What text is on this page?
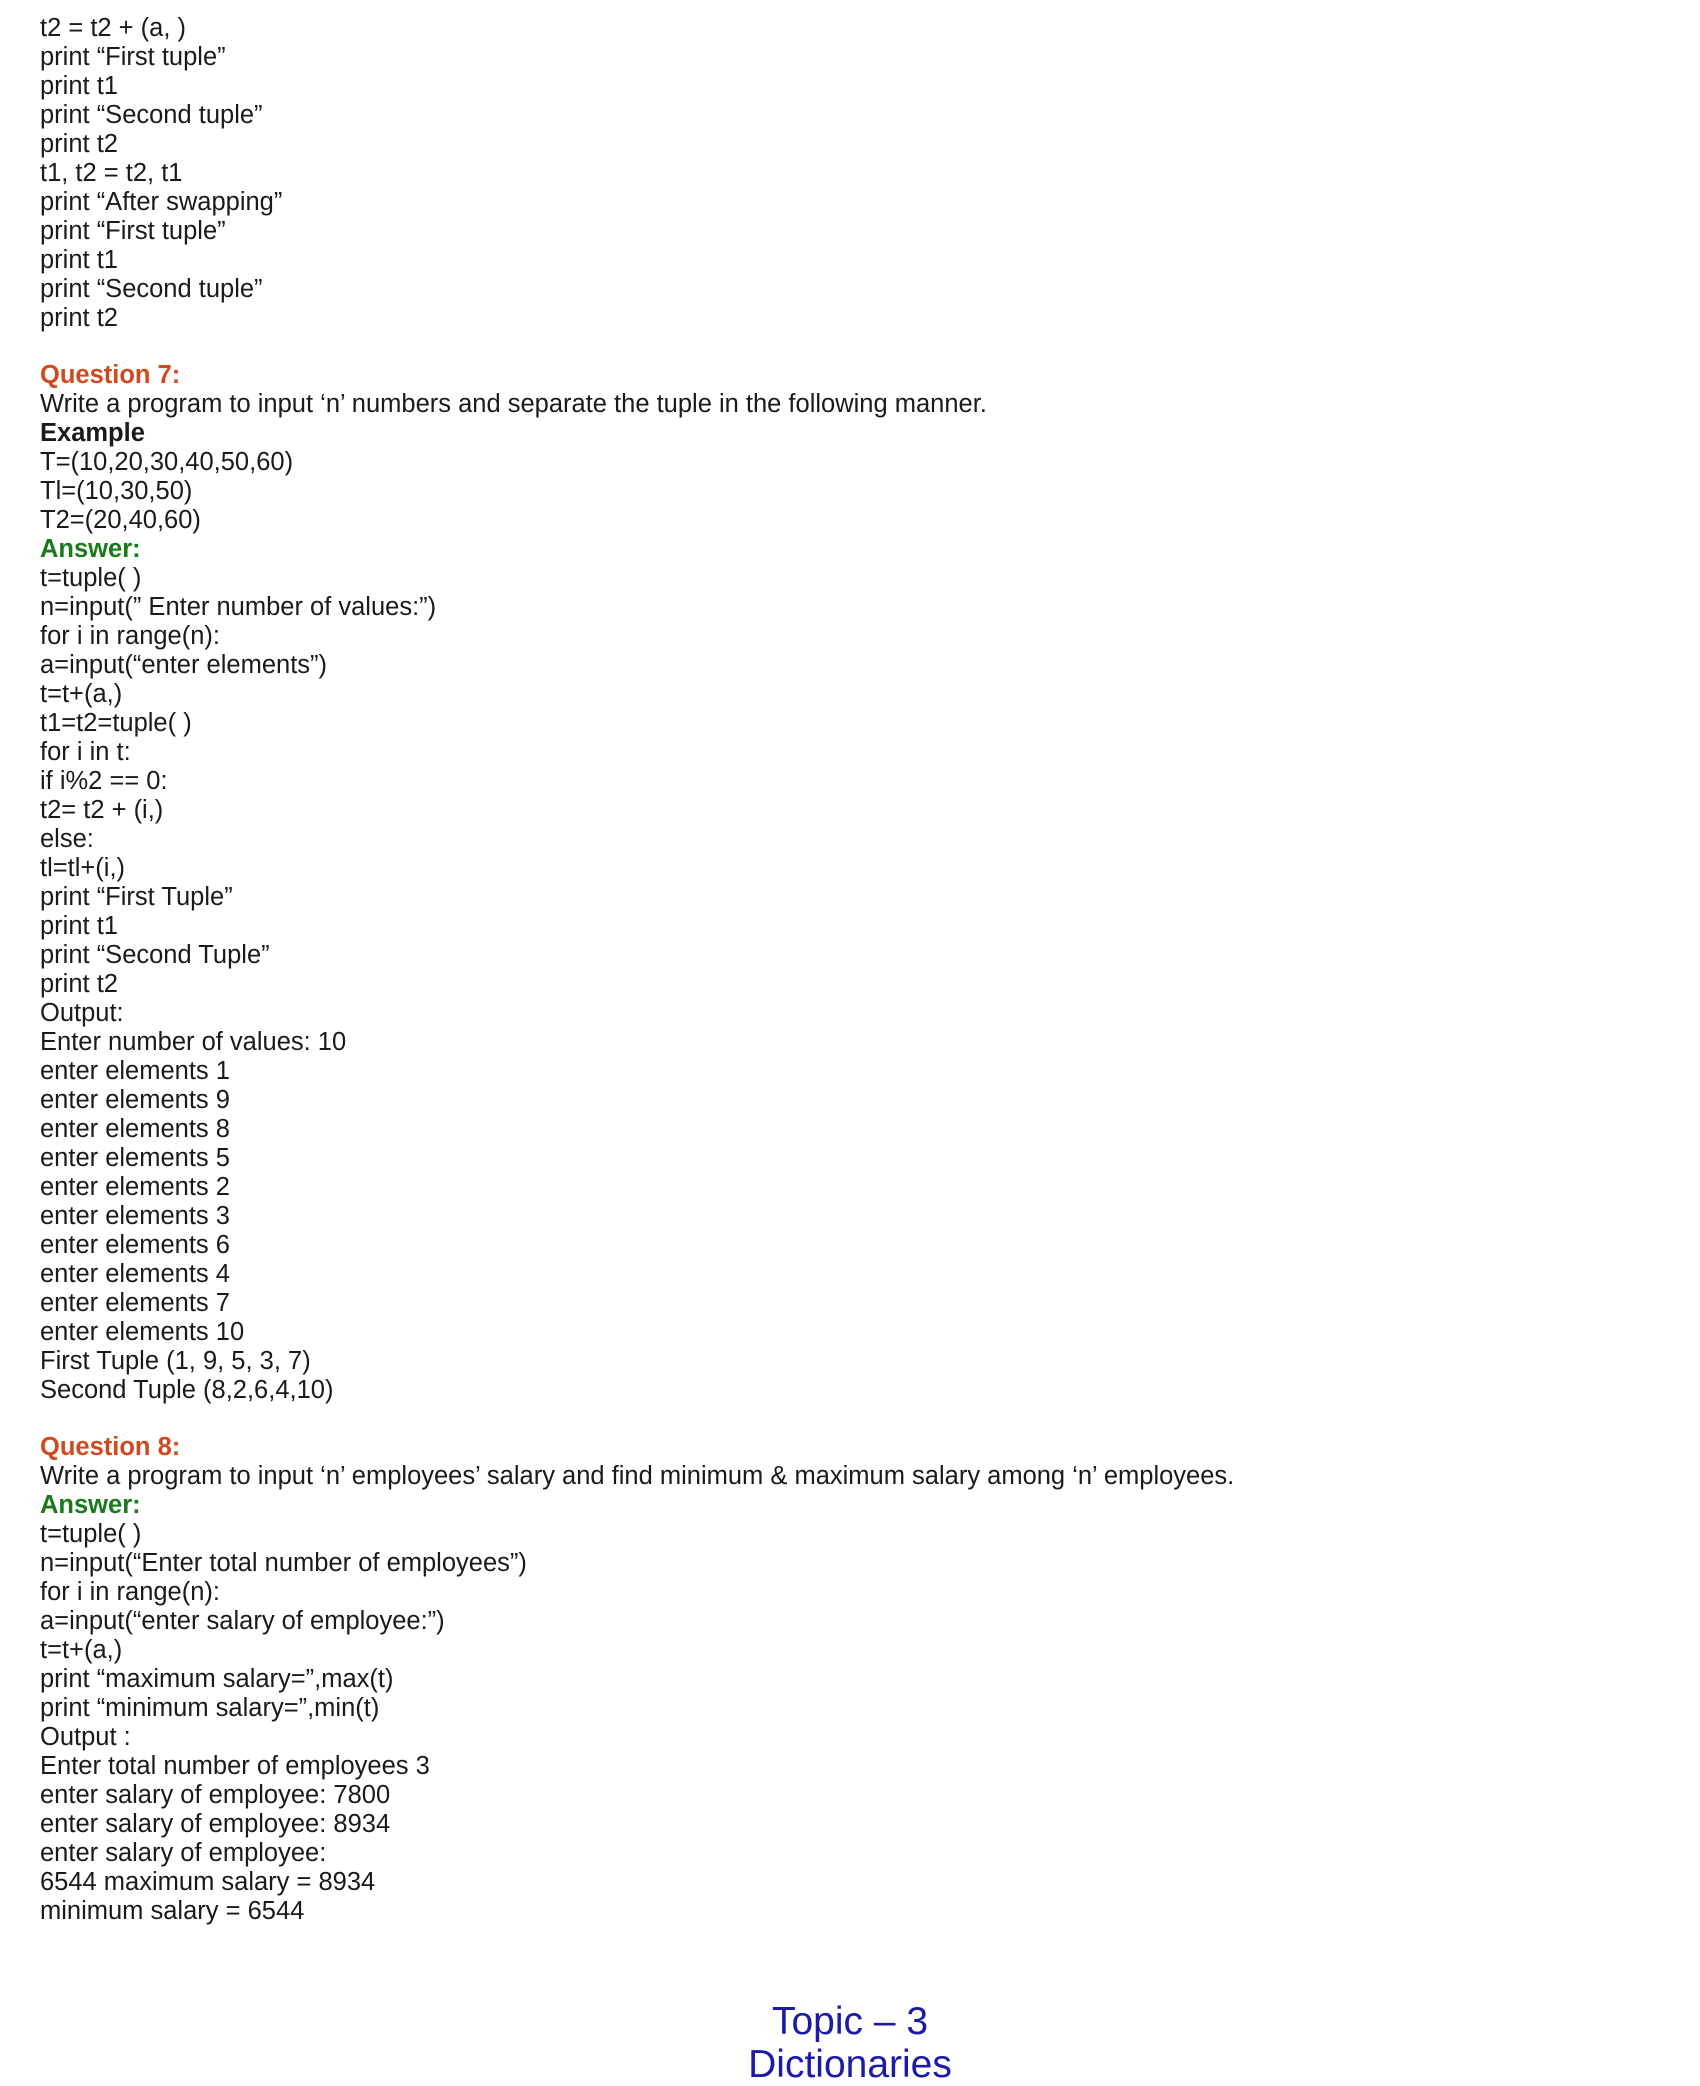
t2 = t2 + (a, )

print “First tuple”

print t1

print “Second tuple”

print t2

t1, t2 = t2, t1

print “After swapping”

print “First tuple”

print t1

print “Second tuple”

print t2

Question 7:

Write a program to input ‘n’ numbers and separate the tuple in the following manner.

Example

T=(10,20,30,40,50,60)

Tl=(10,30,50)

T2=(20,40,60)

Answer:

t=tuple( )

n=input(” Enter number of values:”)

for i in range(n):

a=input(“enter elements”)

t=t+(a,)

t1=t2=tuple( )

for i in t:

if i%2 == 0:

t2= t2 + (i,)

else:

tl=tl+(i,)

print “First Tuple”

print t1

print “Second Tuple”

print t2

Output:

Enter number of values: 10

enter elements 1

enter elements 9

enter elements 8

enter elements 5

enter elements 2

enter elements 3

enter elements 6

enter elements 4

enter elements 7

enter elements 10

First Tuple (1, 9, 5, 3, 7)

Second Tuple (8,2,6,4,10)

Question 8:

Write a program to input ‘n’ employees’ salary and find minimum & maximum salary among ‘n’ employees.

Answer:

t=tuple( )

n=input(“Enter total number of employees”)

for i in range(n):

a=input(“enter salary of employee:”)

t=t+(a,)

print “maximum salary=”,max(t)

print “minimum salary=”,min(t)

Output :

Enter total number of employees 3

enter salary of employee: 7800

enter salary of employee: 8934

enter salary of employee:

6544 maximum salary = 8934

minimum salary = 6544

Topic – 3
Dictionaries
